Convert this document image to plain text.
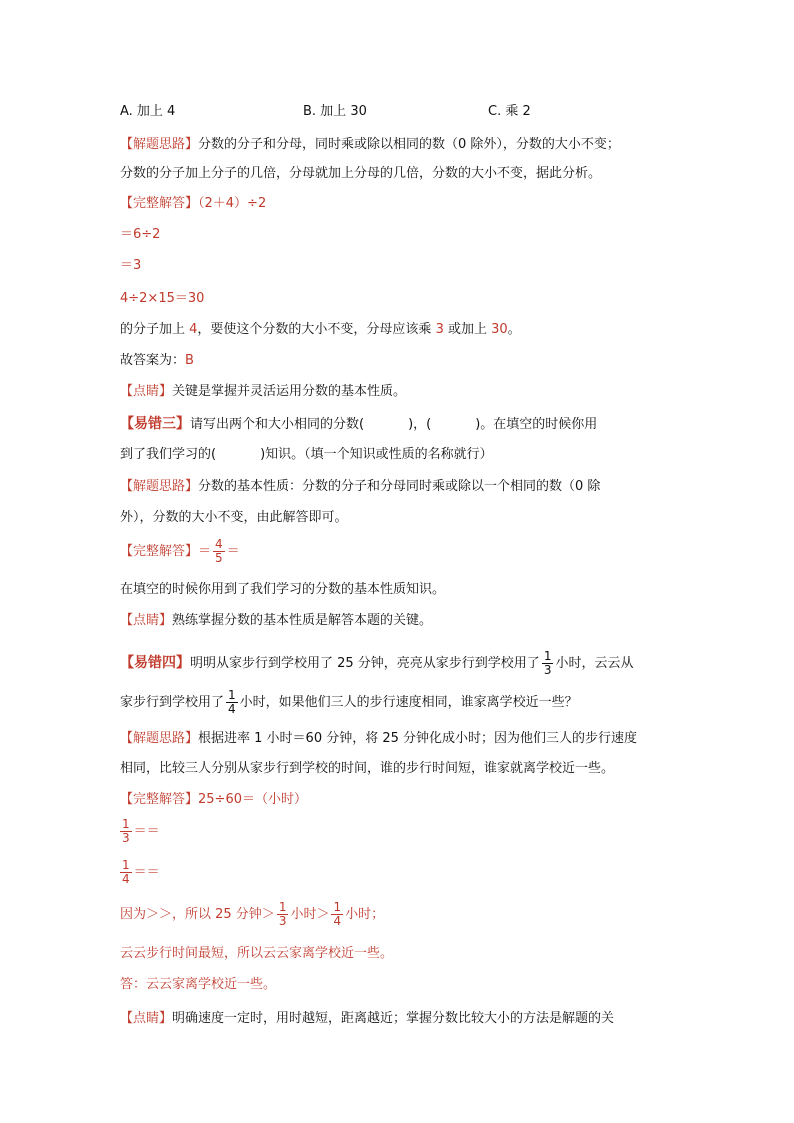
A. 加上 4	B. 加上 30	C. 乘 2
【解题思路】分数的分子和分母，同时乘或除以相同的数（0 除外），分数的大小不变；
分数的分子加上分子的几倍，分母就加上分母的几倍，分数的大小不变，据此分析。
【完整解答】（2＋4）÷2
＝6÷2
＝3
4÷2×15＝30
的分子加上 4，要使这个分数的大小不变，分母应该乘 3 或加上 30。
故答案为：B
【点睛】关键是掌握并灵活运用分数的基本性质。
【易错三】请写出两个和大小相同的分数(	)，(	)。在填空的时候你用
到了我们学习的(	)知识。（填一个知识或性质的名称就行）
【解题思路】分数的基本性质：分数的分子和分母同时乘或除以一个相同的数（0 除
外），分数的大小不变，由此解答即可。
【完整解答】＝ $\frac{4}{5}$ ＝
在填空的时候你用到了我们学习的分数的基本性质知识。
【点睛】熟练掌握分数的基本性质是解答本题的关键。
【易错四】明明从家步行到学校用了 25 分钟，亮亮从家步行到学校用了 $\frac{1}{3}$ 小时，云云从
家步行到学校用了 $\frac{1}{4}$ 小时，如果他们三人的步行速度相同，谁家离学校近一些？
【解题思路】根据进率 1 小时＝60 分钟，将 25 分钟化成小时；因为他们三人的步行速度
相同，比较三人分别从家步行到学校的时间，谁的步行时间短，谁家就离学校近一些。
【完整解答】25÷60＝（小时）
$\frac{1}{3}$ ＝＝
$\frac{1}{4}$ ＝＝
因为＞＞，所以 25 分钟＞ $\frac{1}{3}$ 小时＞ $\frac{1}{4}$ 小时；
云云步行时间最短，所以云云家离学校近一些。
答：云云家离学校近一些。
【点睛】明确速度一定时，用时越短，距离越近；掌握分数比较大小的方法是解题的关
